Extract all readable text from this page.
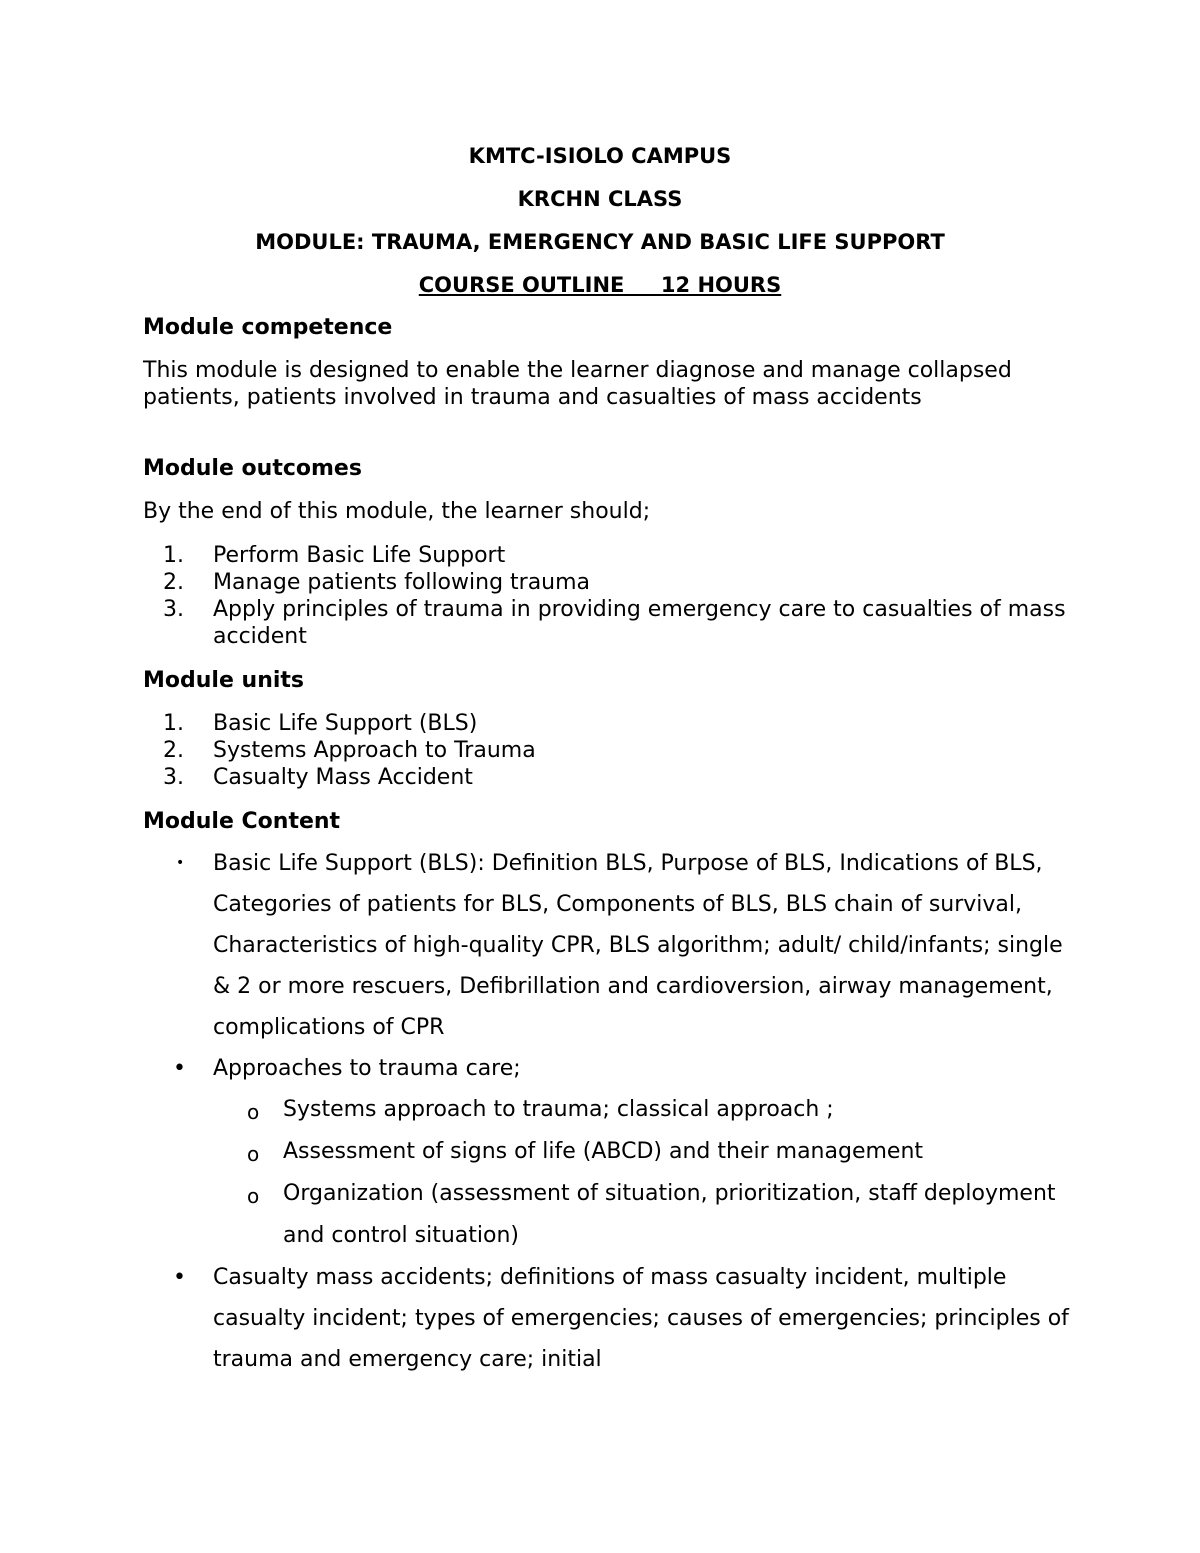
KMTC-ISIOLO CAMPUS
KRCHN CLASS
MODULE: TRAUMA, EMERGENCY AND BASIC LIFE SUPPORT
COURSE OUTLINE     12 HOURS
Module competence
This module is designed to enable the learner diagnose and manage collapsed patients, patients involved in trauma and casualties of mass accidents
Module outcomes
By the end of this module, the learner should;
1.	Perform Basic Life Support
2.	Manage patients following trauma
3.	Apply principles of trauma in providing emergency care to casualties of mass accident
Module units
1.	Basic Life Support (BLS)
2.	Systems Approach to Trauma
3.	Casualty Mass Accident
Module Content
• Basic Life Support (BLS): Definition BLS, Purpose of BLS, Indications of BLS, Categories of patients for BLS, Components of BLS, BLS chain of survival, Characteristics of high-quality CPR, BLS algorithm; adult/ child/infants; single & 2 or more rescuers, Defibrillation and cardioversion, airway management, complications of CPR
• Approaches to trauma care;
o Systems approach to trauma; classical approach ;
o Assessment of signs of life (ABCD) and their management
o Organization (assessment of situation, prioritization, staff deployment and control situation)
• Casualty mass accidents; definitions of mass casualty incident, multiple casualty incident; types of emergencies; causes of emergencies; principles of trauma and emergency care; initial
